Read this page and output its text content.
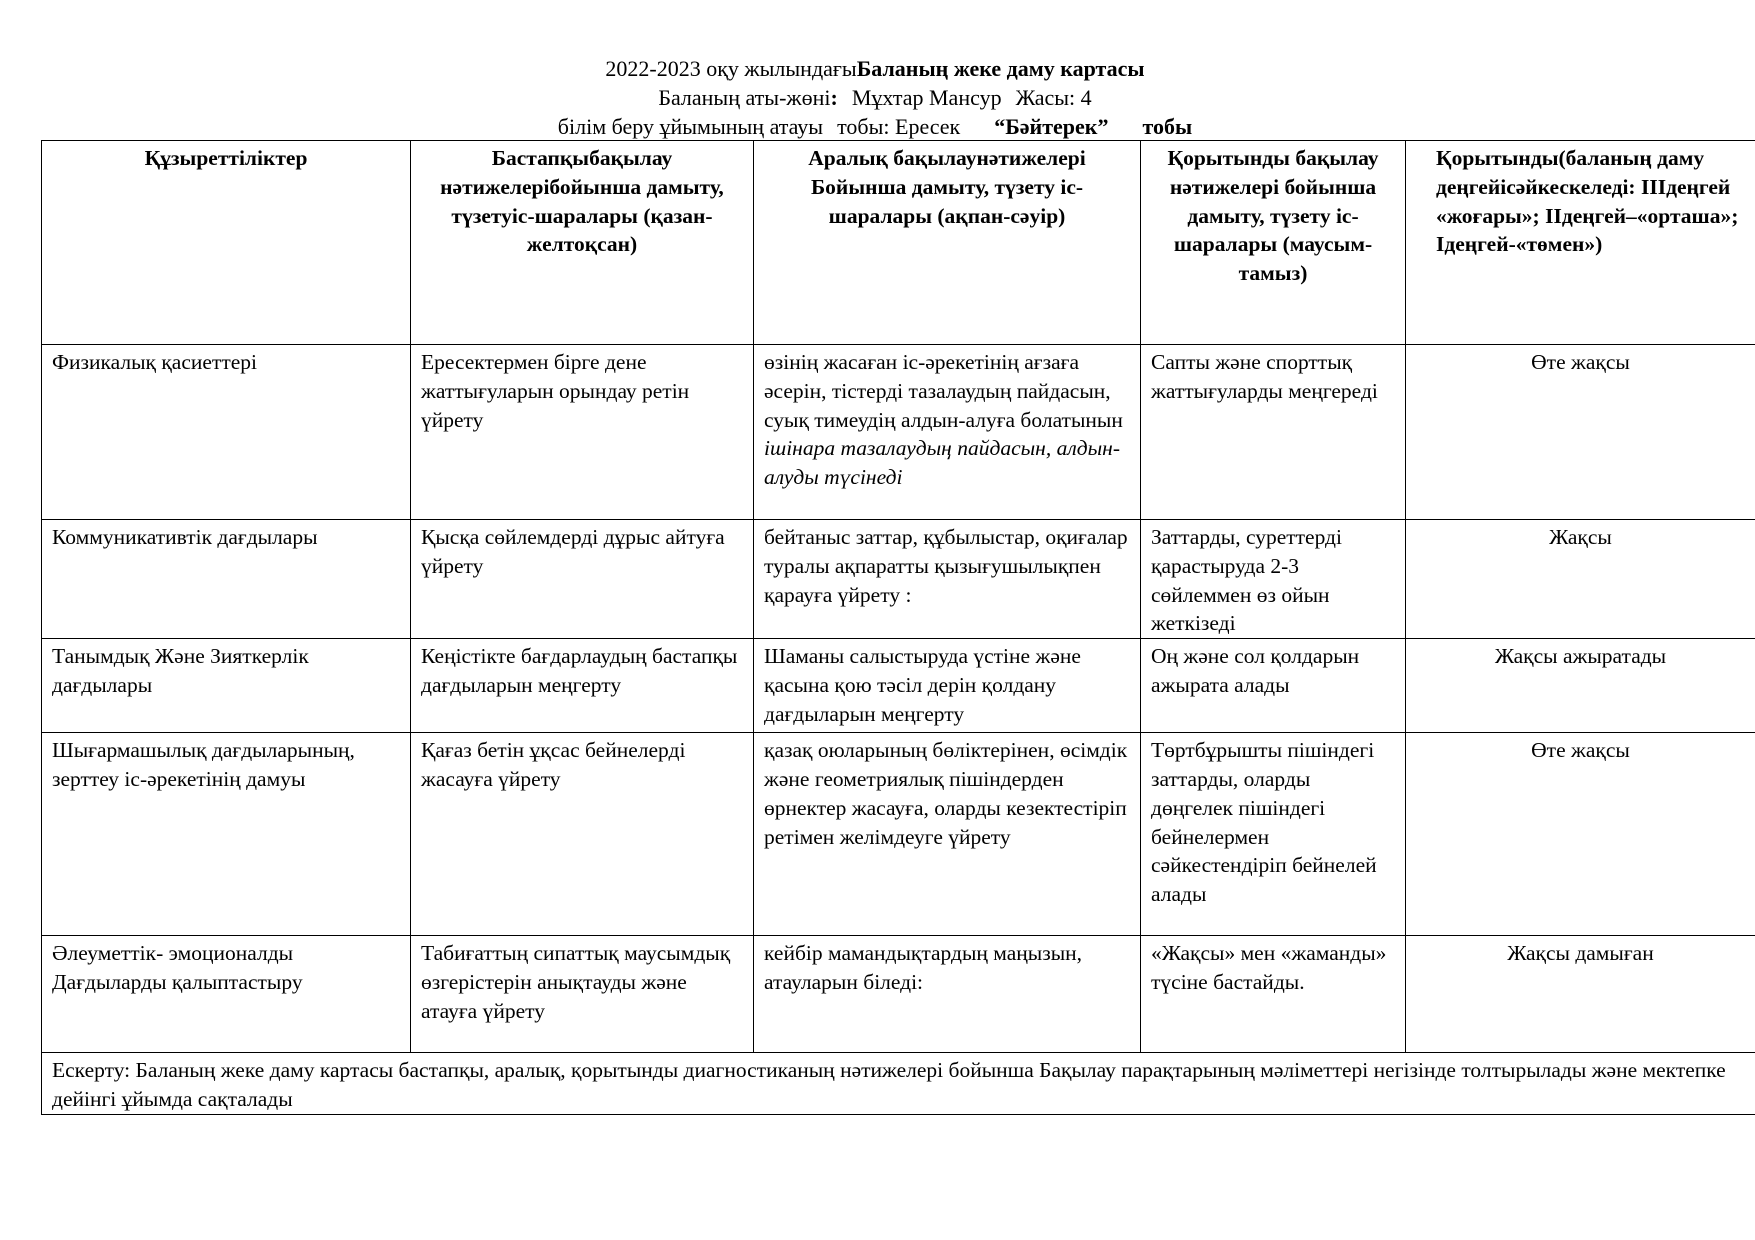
2022-2023 оқу жылындағыБаланың жеке даму картасы
Баланың аты-жөні: Мұхтар Мансур Жасы: 4
білім беру ұйымының атауы тобы: Ересек “Бәйтерек” тобы
Құзыреттіліктер	Бастапқыбақылау нәтижелерібойынша дамыту, түзетуіс-шаралары (қазан-желтоқсан)	Аралық бақылаунәтижелері Бойынша дамыту, түзету іс-шаралары (ақпан-сәуір)	Қорытынды бақылау нәтижелері бойынша дамыту, түзету іс-шаралары (маусым-тамыз)	Қорытынды(баланың даму деңгейісәйкескеледі: ІІІдеңгей «жоғары»; ІІдеңгей–«орташа»; Ідеңгей-«төмен»)
Физикалық қасиеттері	Ересектермен бірге дене жаттығуларын орындау ретін үйрету	өзінің жасаған іс-әрекетінің ағзаға әсерін, тістерді тазалаудың пайдасын, суық тимеудің алдын-алуға болатынын ішінара тазалаудың пайдасын, алдын-алуды түсінеді	Сапты және спорттық жаттығуларды меңгереді	Өте жақсы
Коммуникативтік дағдылары	Қысқа сөйлемдерді дұрыс айтуға үйрету	бейтаныс заттар, құбылыстар, оқиғалар туралы ақпаратты қызығушылықпен қарауға үйрету :	Заттарды, суреттерді қарастыруда 2-3 сөйлеммен өз ойын жеткізеді	Жақсы
Танымдық Және Зияткерлік дағдылары	Кеңістікте бағдарлаудың бастапқы дағдыларын меңгерту	Шаманы салыстыруда үстіне және қасына қою тәсіл дерін қолдану дағдыларын меңгерту	Оң және сол қолдарын ажырата алады	Жақсы ажыратады
Шығармашылық дағдыларының, зерттеу іс-әрекетінің дамуы	Қағаз бетін ұқсас бейнелерді жасауға үйрету	қазақ оюларының бөліктерінен, өсімдік және геометриялық пішіндерден өрнектер жасауға, оларды кезектестіріп ретімен желімдеуге үйрету	Төртбұрышты пішіндегі заттарды, оларды дөңгелек пішіндегі бейнелермен сәйкестендіріп бейнелей алады	Өте жақсы
Әлеуметтік- эмоционалды Дағдыларды қалыптастыру	Табиғаттың сипаттық маусымдық өзгерістерін анықтауды және атауға үйрету	кейбір мамандықтардың маңызын, атауларын біледі:	«Жақсы» мен «жаманды» түсіне бастайды.	Жақсы дамыған
Ескерту: Баланың жеке даму картасы бастапқы, аралық, қорытынды диагностиканың нәтижелері бойынша Бақылау парақтарының мәліметтері негізінде толтырылады және мектепке дейінгі ұйымда сақталады				
